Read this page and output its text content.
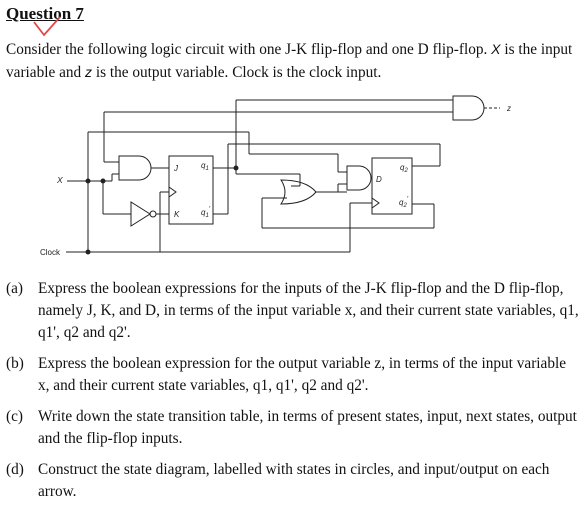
Question 7
Consider the following logic circuit with one J-K flip-flop and one D flip-flop. X is the input variable and z is the output variable. Clock is the clock input.
X
J
K
$q_1$
$q_1'$
D
$q_2$
$q_2'$
z
Clock
(a) Express the boolean expressions for the inputs of the J-K flip-flop and the D flip-flop, namely J, K, and D, in terms of the input variable x, and their current state variables, q1, q1', q2 and q2'.
(b) Express the boolean expression for the output variable z, in terms of the input variable x, and their current state variables, q1, q1', q2 and q2'.
(c) Write down the state transition table, in terms of present states, input, next states, output and the flip-flop inputs.
(d) Construct the state diagram, labelled with states in circles, and input/output on each arrow.
